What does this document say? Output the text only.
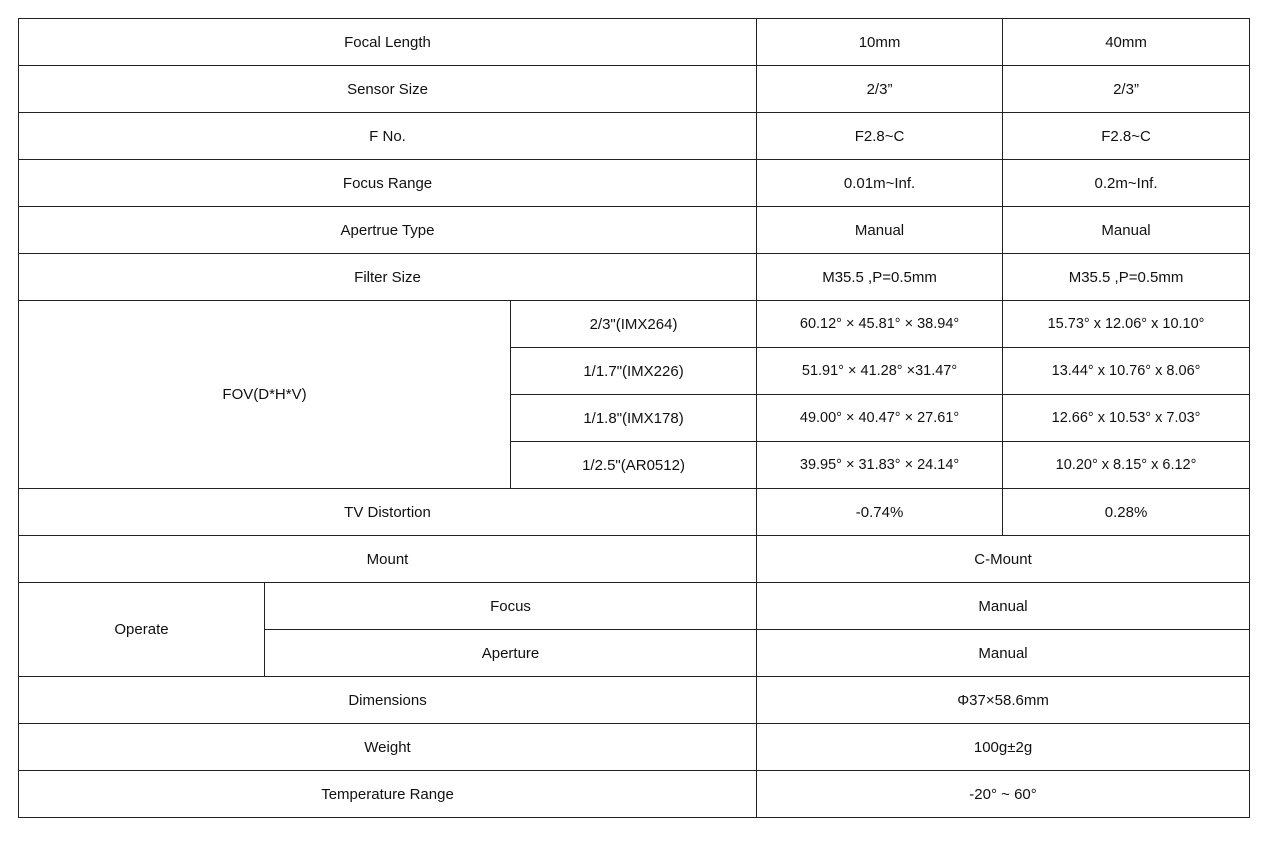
Focal Length			10mm	40mm
Sensor Size			2/3”	2/3”
F No.			F2.8~C	F2.8~C
Focus Range			0.01m~Inf.	0.2m~Inf.
Apertrue Type			Manual	Manual
Filter Size			M35.5 ,P=0.5mm	M35.5 ,P=0.5mm
FOV(D*H*V)		2/3"(IMX264)	60.12° × 45.81° × 38.94°	15.73° x 12.06° x 10.10°
		1/1.7"(IMX226)	51.91° × 41.28° ×31.47°	13.44° x 10.76° x 8.06°
		1/1.8"(IMX178)	49.00° × 40.47° × 27.61°	12.66° x 10.53° x 7.03°
		1/2.5"(AR0512)	39.95° × 31.83° × 24.14°	10.20° x 8.15° x 6.12°
TV Distortion			-0.74%	0.28%
Mount			C-Mount	
Operate	Focus		Manual	
	Aperture		Manual	
Dimensions			Φ37×58.6mm	
Weight			100g±2g	
Temperature Range			-20° ~ 60°	
